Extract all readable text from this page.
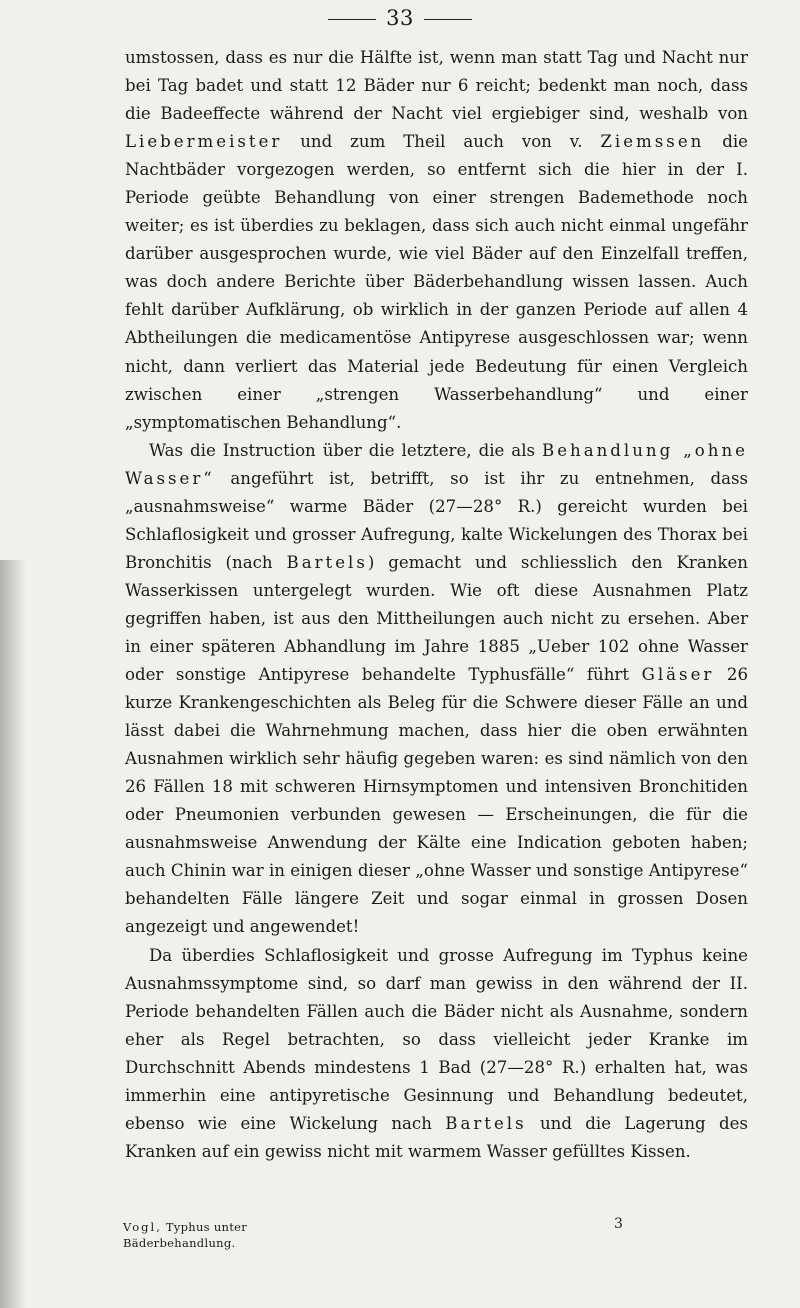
33

umstossen, dass es nur die Hälfte ist, wenn man statt Tag und Nacht nur bei Tag badet und statt 12 Bäder nur 6 reicht; bedenkt man noch, dass die Badeeffecte während der Nacht viel ergiebiger sind, weshalb von Liebermeister und zum Theil auch von v. Ziemssen die Nachtbäder vorgezogen werden, so entfernt sich die hier in der I. Periode geübte Behandlung von einer strengen Bademethode noch weiter; es ist überdies zu beklagen, dass sich auch nicht einmal ungefähr darüber ausgesprochen wurde, wie viel Bäder auf den Einzelfall treffen, was doch andere Berichte über Bäderbehandlung wissen lassen. Auch fehlt darüber Aufklärung, ob wirklich in der ganzen Periode auf allen 4 Abtheilungen die medicamentöse Antipyrese ausgeschlossen war; wenn nicht, dann verliert das Material jede Bedeutung für einen Vergleich zwischen einer „strengen Wasserbehandlung“ und einer „symptomatischen Behandlung“.

Was die Instruction über die letztere, die als Behandlung „ohne Wasser“ angeführt ist, betrifft, so ist ihr zu entnehmen, dass „ausnahmsweise“ warme Bäder (27—28° R.) gereicht wurden bei Schlaflosigkeit und grosser Aufregung, kalte Wickelungen des Thorax bei Bronchitis (nach Bartels) gemacht und schliesslich den Kranken Wasserkissen untergelegt wurden. Wie oft diese Ausnahmen Platz gegriffen haben, ist aus den Mittheilungen auch nicht zu ersehen. Aber in einer späteren Abhandlung im Jahre 1885 „Ueber 102 ohne Wasser oder sonstige Antipyrese behandelte Typhusfälle“ führt Gläser 26 kurze Krankengeschichten als Beleg für die Schwere dieser Fälle an und lässt dabei die Wahrnehmung machen, dass hier die oben erwähnten Ausnahmen wirklich sehr häufig gegeben waren: es sind nämlich von den 26 Fällen 18 mit schweren Hirnsymptomen und intensiven Bronchitiden oder Pneumonien verbunden gewesen — Erscheinungen, die für die ausnahmsweise Anwendung der Kälte eine Indication geboten haben; auch Chinin war in einigen dieser „ohne Wasser und sonstige Antipyrese“ behandelten Fälle längere Zeit und sogar einmal in grossen Dosen angezeigt und angewendet!

Da überdies Schlaflosigkeit und grosse Aufregung im Typhus keine Ausnahmssymptome sind, so darf man gewiss in den während der II. Periode behandelten Fällen auch die Bäder nicht als Ausnahme, sondern eher als Regel betrachten, so dass vielleicht jeder Kranke im Durchschnitt Abends mindestens 1 Bad (27—28° R.) erhalten hat, was immerhin eine antipyretische Gesinnung und Behandlung bedeutet, ebenso wie eine Wickelung nach Bartels und die Lagerung des Kranken auf ein gewiss nicht mit warmem Wasser gefülltes Kissen.

Vogl, Typhus unter Bäderbehandlung.
3
